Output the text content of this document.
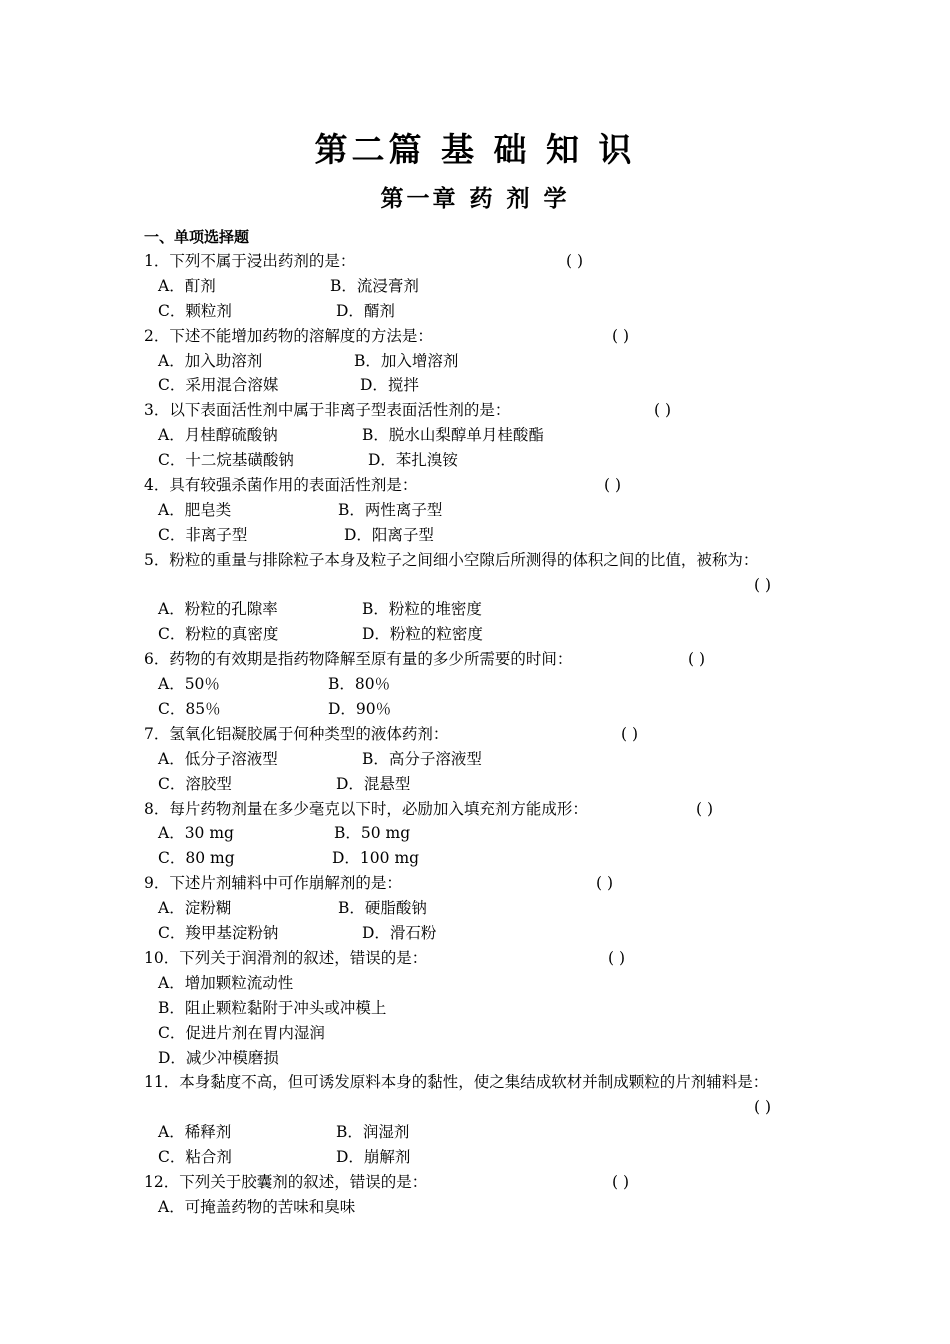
第二篇 基 础 知 识
第一章 药 剂 学
一、单项选择题
1．下列不属于浸出药剂的是：	( )
A．酊剂	B．流浸膏剂
C．颗粒剂	D．醑剂
2．下述不能增加药物的溶解度的方法是：	( )
A．加入助溶剂	B．加入增溶剂
C．采用混合溶媒	D．搅拌
3．以下表面活性剂中属于非离子型表面活性剂的是：	( )
A．月桂醇硫酸钠	B．脱水山梨醇单月桂酸酯
C．十二烷基磺酸钠	D．苯扎溴铵
4．具有较强杀菌作用的表面活性剂是：	( )
A．肥皂类	B．两性离子型
C．非离子型	D．阳离子型
5．粉粒的重量与排除粒子本身及粒子之间细小空隙后所测得的体积之间的比值，被称为：
( )
A．粉粒的孔隙率	B．粉粒的堆密度
C．粉粒的真密度	D．粉粒的粒密度
6．药物的有效期是指药物降解至原有量的多少所需要的时间：	( )
A．50％	B．80％
C．85％	D．90％
7．氢氧化铝凝胶属于何种类型的液体药剂：	( )
A．低分子溶液型	B．高分子溶液型
C．溶胶型	D．混悬型
8．每片药物剂量在多少毫克以下时，必励加入填充剂方能成形：	( )
A．30 mg	B．50 mg
C．80 mg	D．100 mg
9．下述片剂辅料中可作崩解剂的是：	( )
A．淀粉糊	B．硬脂酸钠
C．羧甲基淀粉钠	D．滑石粉
10．下列关于润滑剂的叙述，错误的是：	( )
A．增加颗粒流动性
B．阻止颗粒黏附于冲头或冲模上
C．促进片剂在胃内湿润
D．减少冲模磨损
11．本身黏度不高，但可诱发原料本身的黏性，使之集结成软材并制成颗粒的片剂辅料是：
( )
A．稀释剂	B．润湿剂
C．粘合剂	D．崩解剂
12．下列关于胶囊剂的叙述，错误的是：	( )
A．可掩盖药物的苦味和臭味
